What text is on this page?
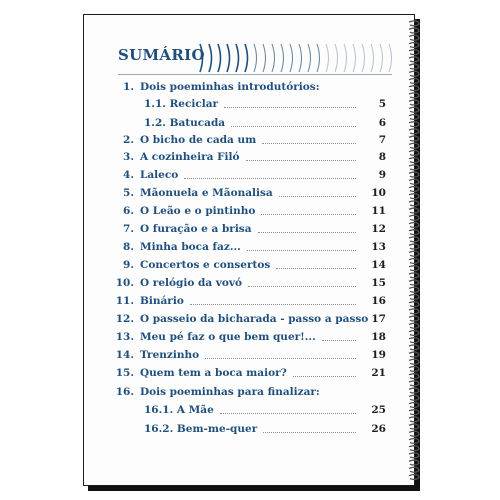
SUMÁRIO
1. Dois poeminhas introdutórios:
1.1. Reciclar	5
1.2. Batucada	6
2. O bicho de cada um	7
3. A cozinheira Filó	8
4. Laleco	9
5. Mãonuela e Mãonalisa	10
6. O Leão e o pintinho	11
7. O furação e a brisa	12
8. Minha boca faz...	13
9. Concertos e consertos	14
10. O relógio da vovó	15
11. Binário	16
12. O passeio da bicharada - passo a passo 17
13. Meu pé faz o que bem quer!...	18
14. Trenzinho	19
15. Quem tem a boca maior?	21
16. Dois poeminhas para finalizar:
16.1. A Mãe	25
16.2. Bem-me-quer	26
